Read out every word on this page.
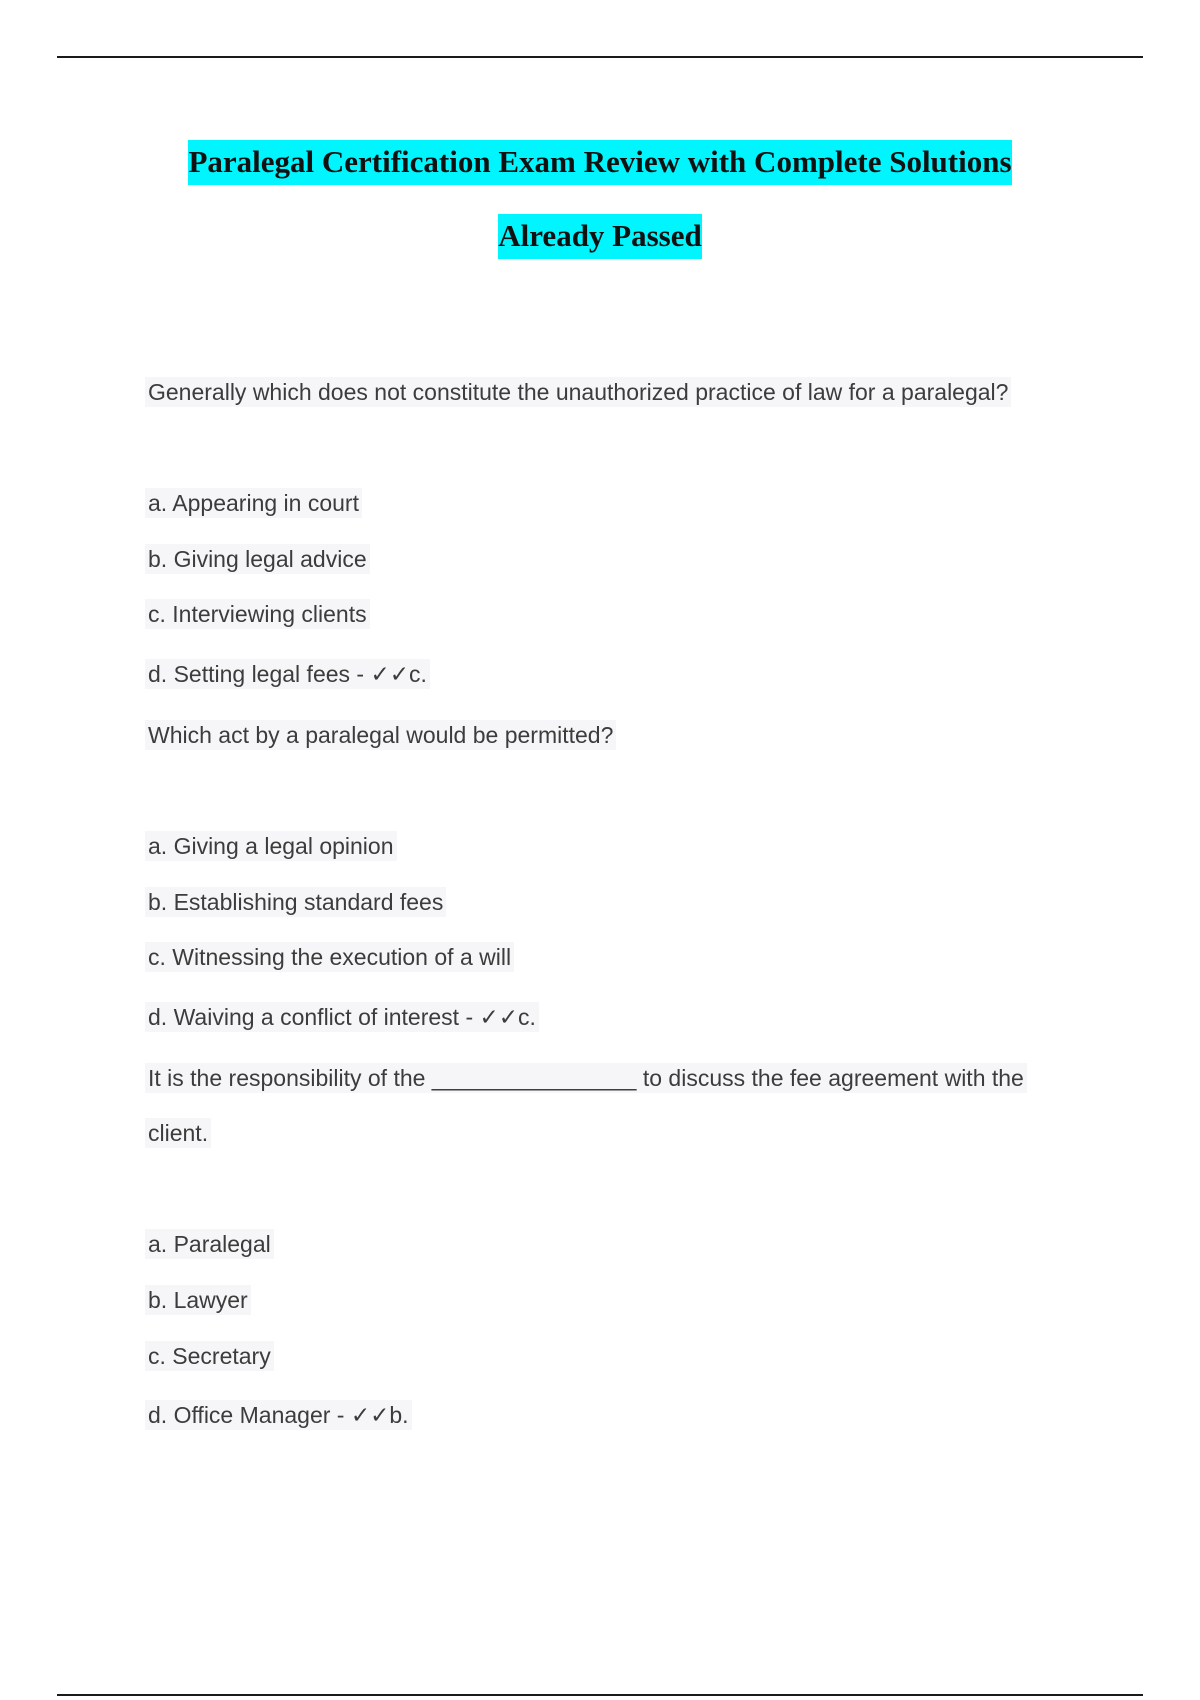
Paralegal Certification Exam Review with Complete Solutions
Already Passed
Generally which does not constitute the unauthorized practice of law for a paralegal?
a. Appearing in court
b. Giving legal advice
c. Interviewing clients
d. Setting legal fees - ✓✓c.
Which act by a paralegal would be permitted?
a. Giving a legal opinion
b. Establishing standard fees
c. Witnessing the execution of a will
d. Waiving a conflict of interest - ✓✓c.
It is the responsibility of the ________________ to discuss the fee agreement with the
client.
a. Paralegal
b. Lawyer
c. Secretary
d. Office Manager - ✓✓b.
